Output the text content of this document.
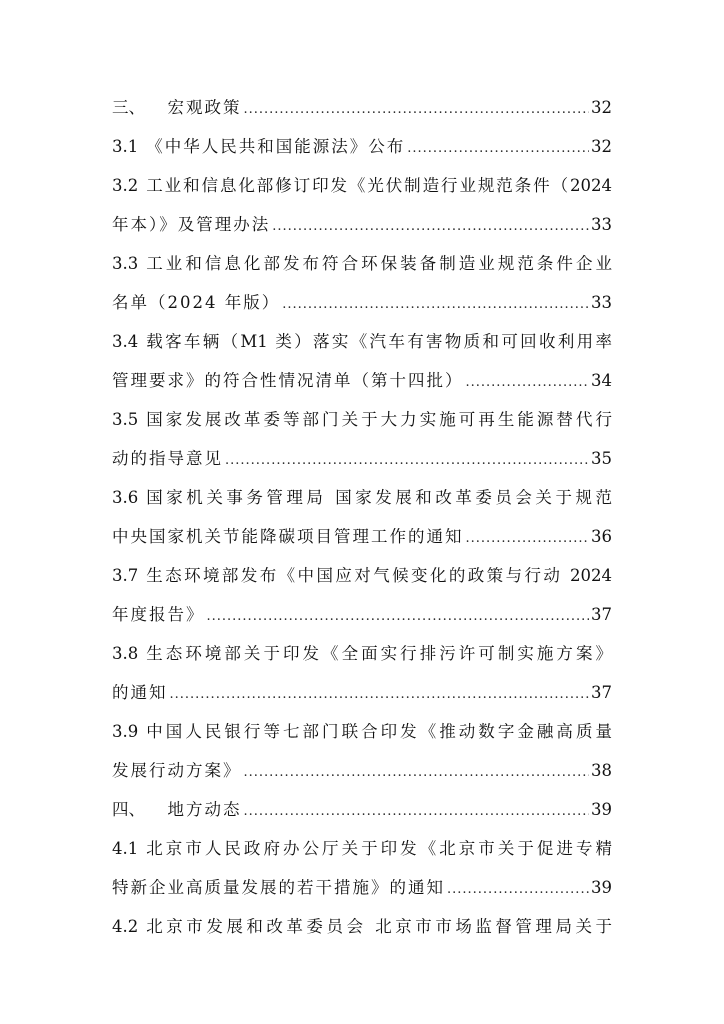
三、 宏观政策 .....	32
3.1 《中华人民共和国能源法》公布 .....	32
3.2 工业和信息化部修订印发《光伏制造行业规范条件（2024
年本）》及管理办法 .....	33
3.3 工业和信息化部发布符合环保装备制造业规范条件企业
名单（2024 年版） .....	33
3.4 载客车辆（M1 类）落实《汽车有害物质和可回收利用率
管理要求》的符合性情况清单（第十四批） .....	34
3.5 国家发展改革委等部门关于大力实施可再生能源替代行
动的指导意见 .....	35
3.6 国家机关事务管理局 国家发展和改革委员会关于规范
中央国家机关节能降碳项目管理工作的通知 .....	36
3.7 生态环境部发布《中国应对气候变化的政策与行动 2024
年度报告》 .....	37
3.8 生态环境部关于印发《全面实行排污许可制实施方案》
的通知 .....	37
3.9 中国人民银行等七部门联合印发《推动数字金融高质量
发展行动方案》 .....	38
四、 地方动态 .....	39
4.1 北京市人民政府办公厅关于印发《北京市关于促进专精
特新企业高质量发展的若干措施》的通知 .....	39
4.2 北京市发展和改革委员会 北京市市场监督管理局关于
